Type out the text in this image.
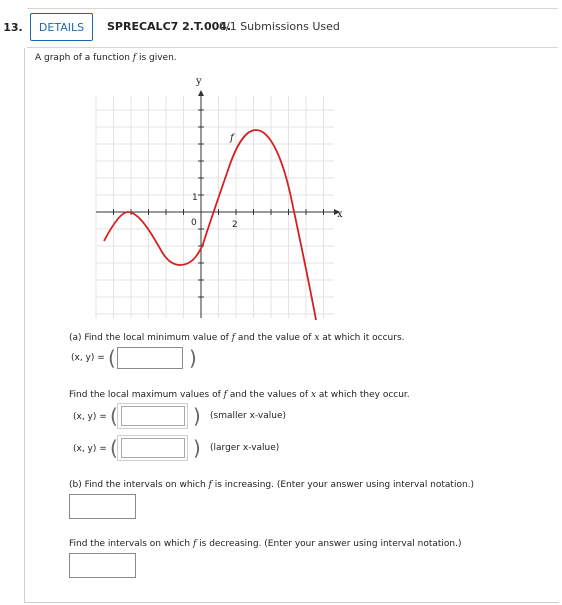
13.	DETAILS	SPRECALC7 2.T.004.
0/1 Submissions Used
A graph of a function f is given.
y
x
f
0	2
1
(a) Find the local minimum value of f and the value of x at which it occurs.
(x, y) = (	)
Find the local maximum values of f and the values of x at which they occur.
(x, y) = (	) (smaller x-value)
(x, y) = (	) (larger x-value)
(b) Find the intervals on which f is increasing. (Enter your answer using interval notation.)
Find the intervals on which f is decreasing. (Enter your answer using interval notation.)
